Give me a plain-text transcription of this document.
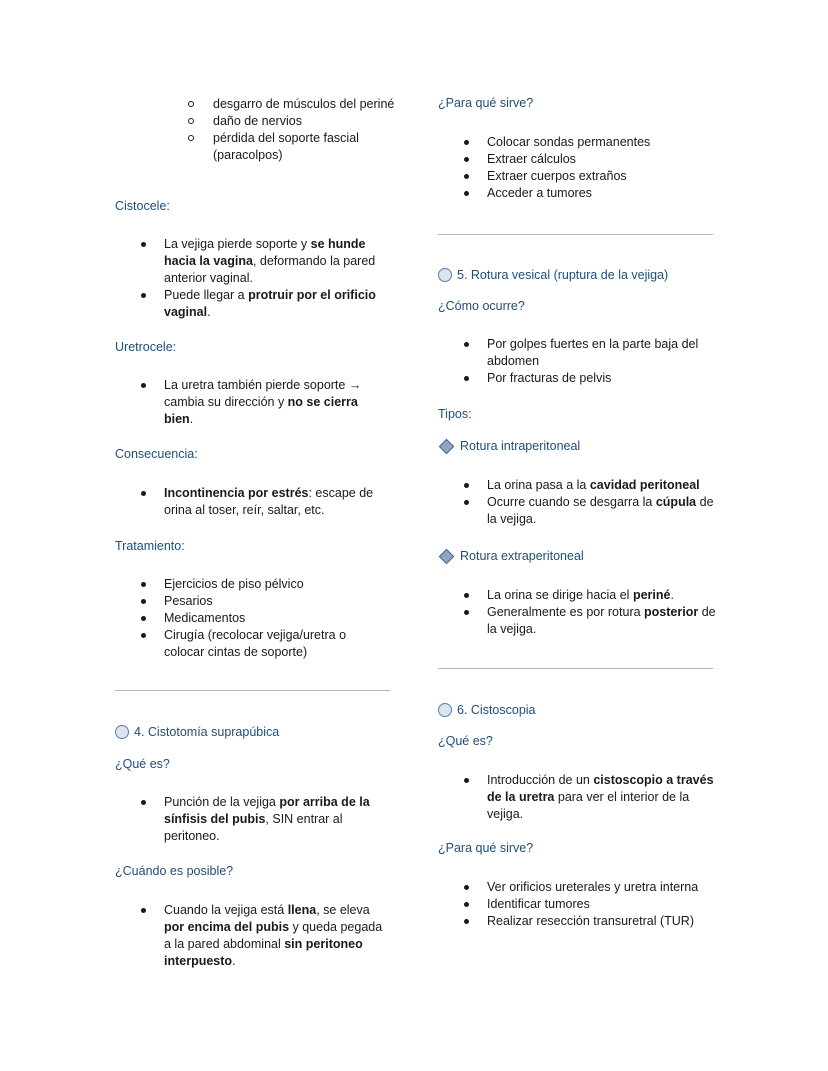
desgarro de músculos del periné
daño de nervios
pérdida del soporte fascial (paracolpos)
Cistocele:
La vejiga pierde soporte y se hunde hacia la vagina, deformando la pared anterior vaginal.
Puede llegar a protruir por el orificio vaginal.
Uretrocele:
La uretra también pierde soporte → cambia su dirección y no se cierra bien.
Consecuencia:
Incontinencia por estrés: escape de orina al toser, reír, saltar, etc.
Tratamiento:
Ejercicios de piso pélvico
Pesarios
Medicamentos
Cirugía (recolocar vejiga/uretra o colocar cintas de soporte)
4. Cistotomía suprapúbica
¿Qué es?
Punción de la vejiga por arriba de la sínfisis del pubis, SIN entrar al peritoneo.
¿Cuándo es posible?
Cuando la vejiga está llena, se eleva por encima del pubis y queda pegada a la pared abdominal sin peritoneo interpuesto.
¿Para qué sirve?
Colocar sondas permanentes
Extraer cálculos
Extraer cuerpos extraños
Acceder a tumores
5. Rotura vesical (ruptura de la vejiga)
¿Cómo ocurre?
Por golpes fuertes en la parte baja del abdomen
Por fracturas de pelvis
Tipos:
Rotura intraperitoneal
La orina pasa a la cavidad peritoneal
Ocurre cuando se desgarra la cúpula de la vejiga.
Rotura extraperitoneal
La orina se dirige hacia el periné.
Generalmente es por rotura posterior de la vejiga.
6. Cistoscopia
¿Qué es?
Introducción de un cistoscopio a través de la uretra para ver el interior de la vejiga.
¿Para qué sirve?
Ver orificios ureterales y uretra interna
Identificar tumores
Realizar resección transuretral (TUR)
